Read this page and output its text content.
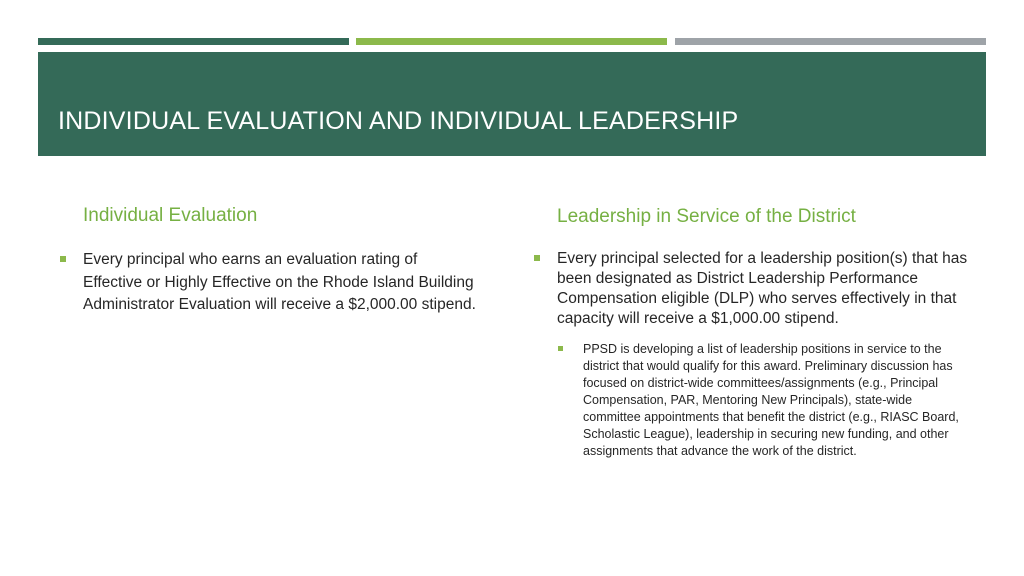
INDIVIDUAL EVALUATION AND INDIVIDUAL LEADERSHIP
Individual Evaluation
Every principal who earns an evaluation rating of Effective or Highly Effective on the Rhode Island Building Administrator Evaluation will receive a $2,000.00 stipend.
Leadership in Service of the District
Every principal selected for a leadership position(s) that has been designated as District Leadership Performance Compensation eligible (DLP) who serves effectively in that capacity will receive a $1,000.00 stipend.
PPSD is developing a list of leadership positions in service to the district that would qualify for this award. Preliminary discussion has focused on district-wide committees/assignments (e.g., Principal Compensation, PAR, Mentoring New Principals), state-wide committee appointments that benefit the district (e.g., RIASC Board, Scholastic League), leadership in securing new funding, and other assignments that advance the work of the district.
